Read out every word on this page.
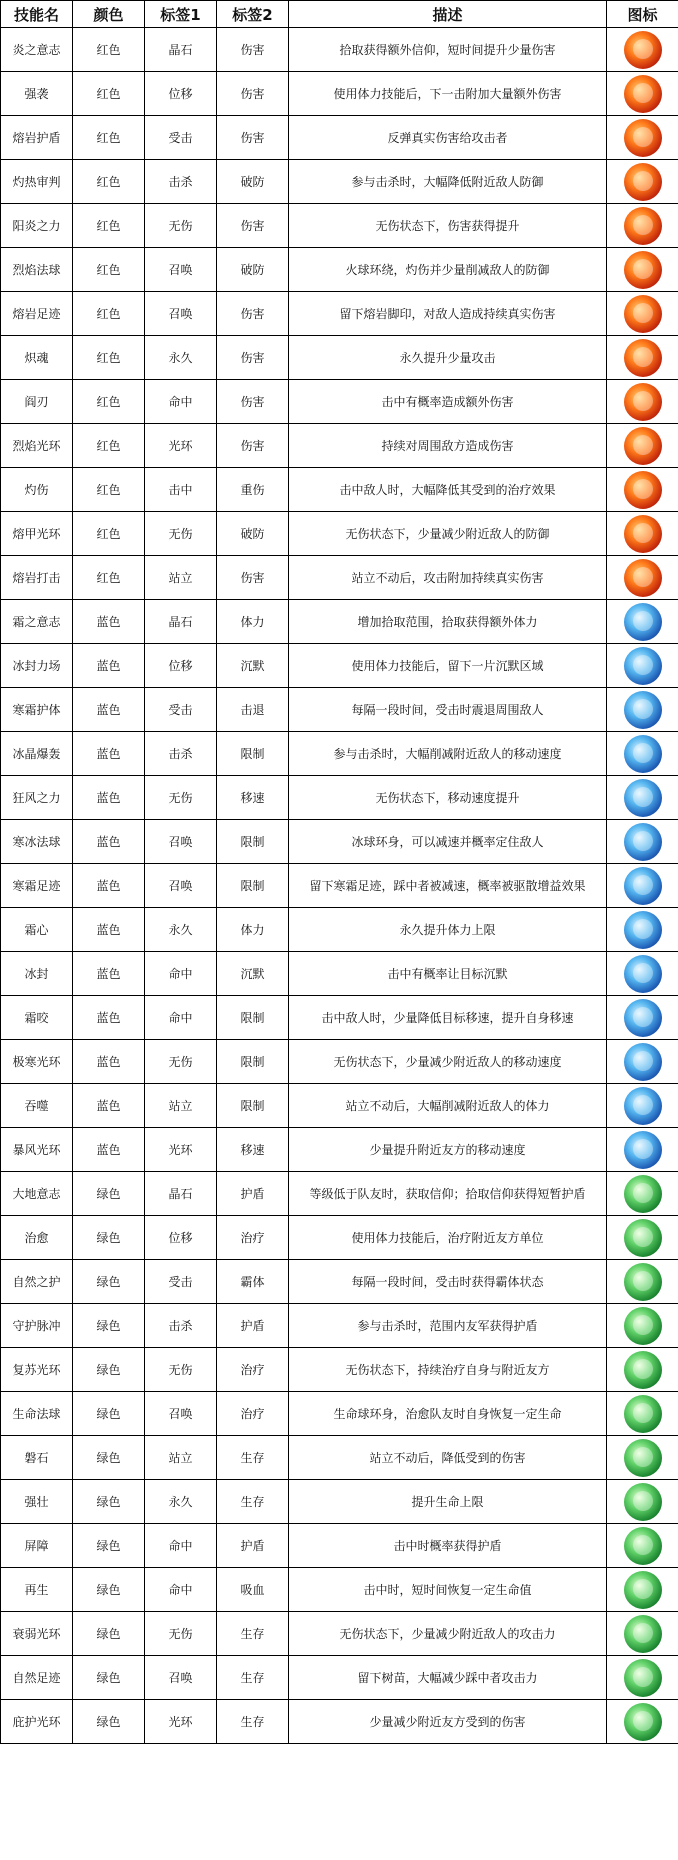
技能名	颜色	标签1	标签2	描述	图标
炎之意志	红色	晶石	伤害	拾取获得额外信仰，短时间提升少量伤害	
强袭	红色	位移	伤害	使用体力技能后，下一击附加大量额外伤害	
熔岩护盾	红色	受击	伤害	反弹真实伤害给攻击者	
灼热审判	红色	击杀	破防	参与击杀时，大幅降低附近敌人防御	
阳炎之力	红色	无伤	伤害	无伤状态下，伤害获得提升	
烈焰法球	红色	召唤	破防	火球环绕，灼伤并少量削减敌人的防御	
熔岩足迹	红色	召唤	伤害	留下熔岩脚印，对敌人造成持续真实伤害	
炽魂	红色	永久	伤害	永久提升少量攻击	
阎刃	红色	命中	伤害	击中有概率造成额外伤害	
烈焰光环	红色	光环	伤害	持续对周围敌方造成伤害	
灼伤	红色	击中	重伤	击中敌人时，大幅降低其受到的治疗效果	
熔甲光环	红色	无伤	破防	无伤状态下，少量减少附近敌人的防御	
熔岩打击	红色	站立	伤害	站立不动后，攻击附加持续真实伤害	
霜之意志	蓝色	晶石	体力	增加拾取范围，拾取获得额外体力	
冰封力场	蓝色	位移	沉默	使用体力技能后，留下一片沉默区域	
寒霜护体	蓝色	受击	击退	每隔一段时间，受击时震退周围敌人	
冰晶爆轰	蓝色	击杀	限制	参与击杀时，大幅削减附近敌人的移动速度	
狂风之力	蓝色	无伤	移速	无伤状态下，移动速度提升	
寒冰法球	蓝色	召唤	限制	冰球环身，可以减速并概率定住敌人	
寒霜足迹	蓝色	召唤	限制	留下寒霜足迹，踩中者被减速，概率被驱散增益效果	
霜心	蓝色	永久	体力	永久提升体力上限	
冰封	蓝色	命中	沉默	击中有概率让目标沉默	
霜咬	蓝色	命中	限制	击中敌人时，少量降低目标移速，提升自身移速	
极寒光环	蓝色	无伤	限制	无伤状态下，少量减少附近敌人的移动速度	
吞噬	蓝色	站立	限制	站立不动后，大幅削减附近敌人的体力	
暴风光环	蓝色	光环	移速	少量提升附近友方的移动速度	
大地意志	绿色	晶石	护盾	等级低于队友时，获取信仰；拾取信仰获得短暂护盾	
治愈	绿色	位移	治疗	使用体力技能后，治疗附近友方单位	
自然之护	绿色	受击	霸体	每隔一段时间，受击时获得霸体状态	
守护脉冲	绿色	击杀	护盾	参与击杀时，范围内友军获得护盾	
复苏光环	绿色	无伤	治疗	无伤状态下，持续治疗自身与附近友方	
生命法球	绿色	召唤	治疗	生命球环身，治愈队友时自身恢复一定生命	
磐石	绿色	站立	生存	站立不动后，降低受到的伤害	
强壮	绿色	永久	生存	提升生命上限	
屏障	绿色	命中	护盾	击中时概率获得护盾	
再生	绿色	命中	吸血	击中时，短时间恢复一定生命值	
衰弱光环	绿色	无伤	生存	无伤状态下，少量减少附近敌人的攻击力	
自然足迹	绿色	召唤	生存	留下树苗，大幅减少踩中者攻击力	
庇护光环	绿色	光环	生存	少量减少附近友方受到的伤害	
